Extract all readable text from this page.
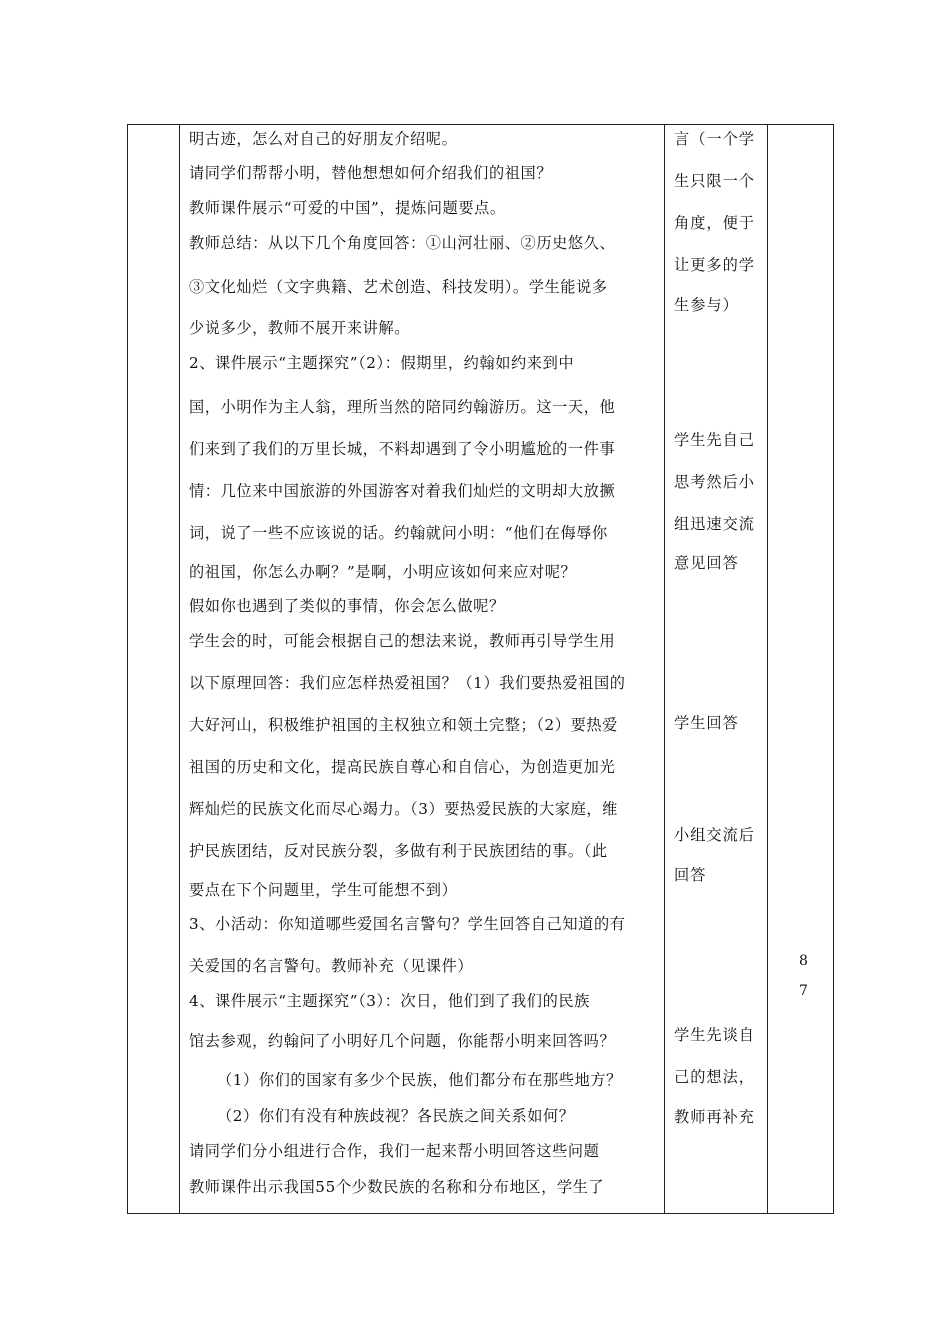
明古迹，怎么对自己的好朋友介绍呢。
请同学们帮帮小明，替他想想如何介绍我们的祖国？
教师课件展示“可爱的中国”，提炼问题要点。
教师总结：从以下几个角度回答：①山河壮丽、②历史悠久、
③文化灿烂（文字典籍、艺术创造、科技发明）。学生能说多
少说多少，教师不展开来讲解。
2、课件展示“主题探究”（2）：假期里，约翰如约来到中
国，小明作为主人翁，理所当然的陪同约翰游历。这一天，他
们来到了我们的万里长城，不料却遇到了令小明尴尬的一件事
情：几位来中国旅游的外国游客对着我们灿烂的文明却大放撅
词，说了一些不应该说的话。约翰就问小明：“他们在侮辱你
的祖国，你怎么办啊？”是啊，小明应该如何来应对呢？
假如你也遇到了类似的事情，你会怎么做呢？
学生会的时，可能会根据自己的想法来说，教师再引导学生用
以下原理回答：我们应怎样热爱祖国？（1）我们要热爱祖国的
大好河山，积极维护祖国的主权独立和领土完整；（2）要热爱
祖国的历史和文化，提高民族自尊心和自信心，为创造更加光
辉灿烂的民族文化而尽心竭力。（3）要热爱民族的大家庭，维
护民族团结，反对民族分裂，多做有利于民族团结的事。（此
要点在下个问题里，学生可能想不到）
3、小活动：你知道哪些爱国名言警句？学生回答自己知道的有
关爱国的名言警句。教师补充（见课件）
4、课件展示“主题探究”（3）：次日，他们到了我们的民族
馆去参观，约翰问了小明好几个问题，你能帮小明来回答吗？
（1）你们的国家有多少个民族，他们都分布在那些地方？
（2）你们有没有种族歧视？各民族之间关系如何？
请同学们分小组进行合作，我们一起来帮小明回答这些问题
教师课件出示我国55个少数民族的名称和分布地区，学生了
言（一个学
生只限一个
角度，便于
让更多的学
生参与）
学生先自己
思考然后小
组迅速交流
意见回答
学生回答
小组交流后
回答
学生先谈自
己的想法，
教师再补充
8
7
